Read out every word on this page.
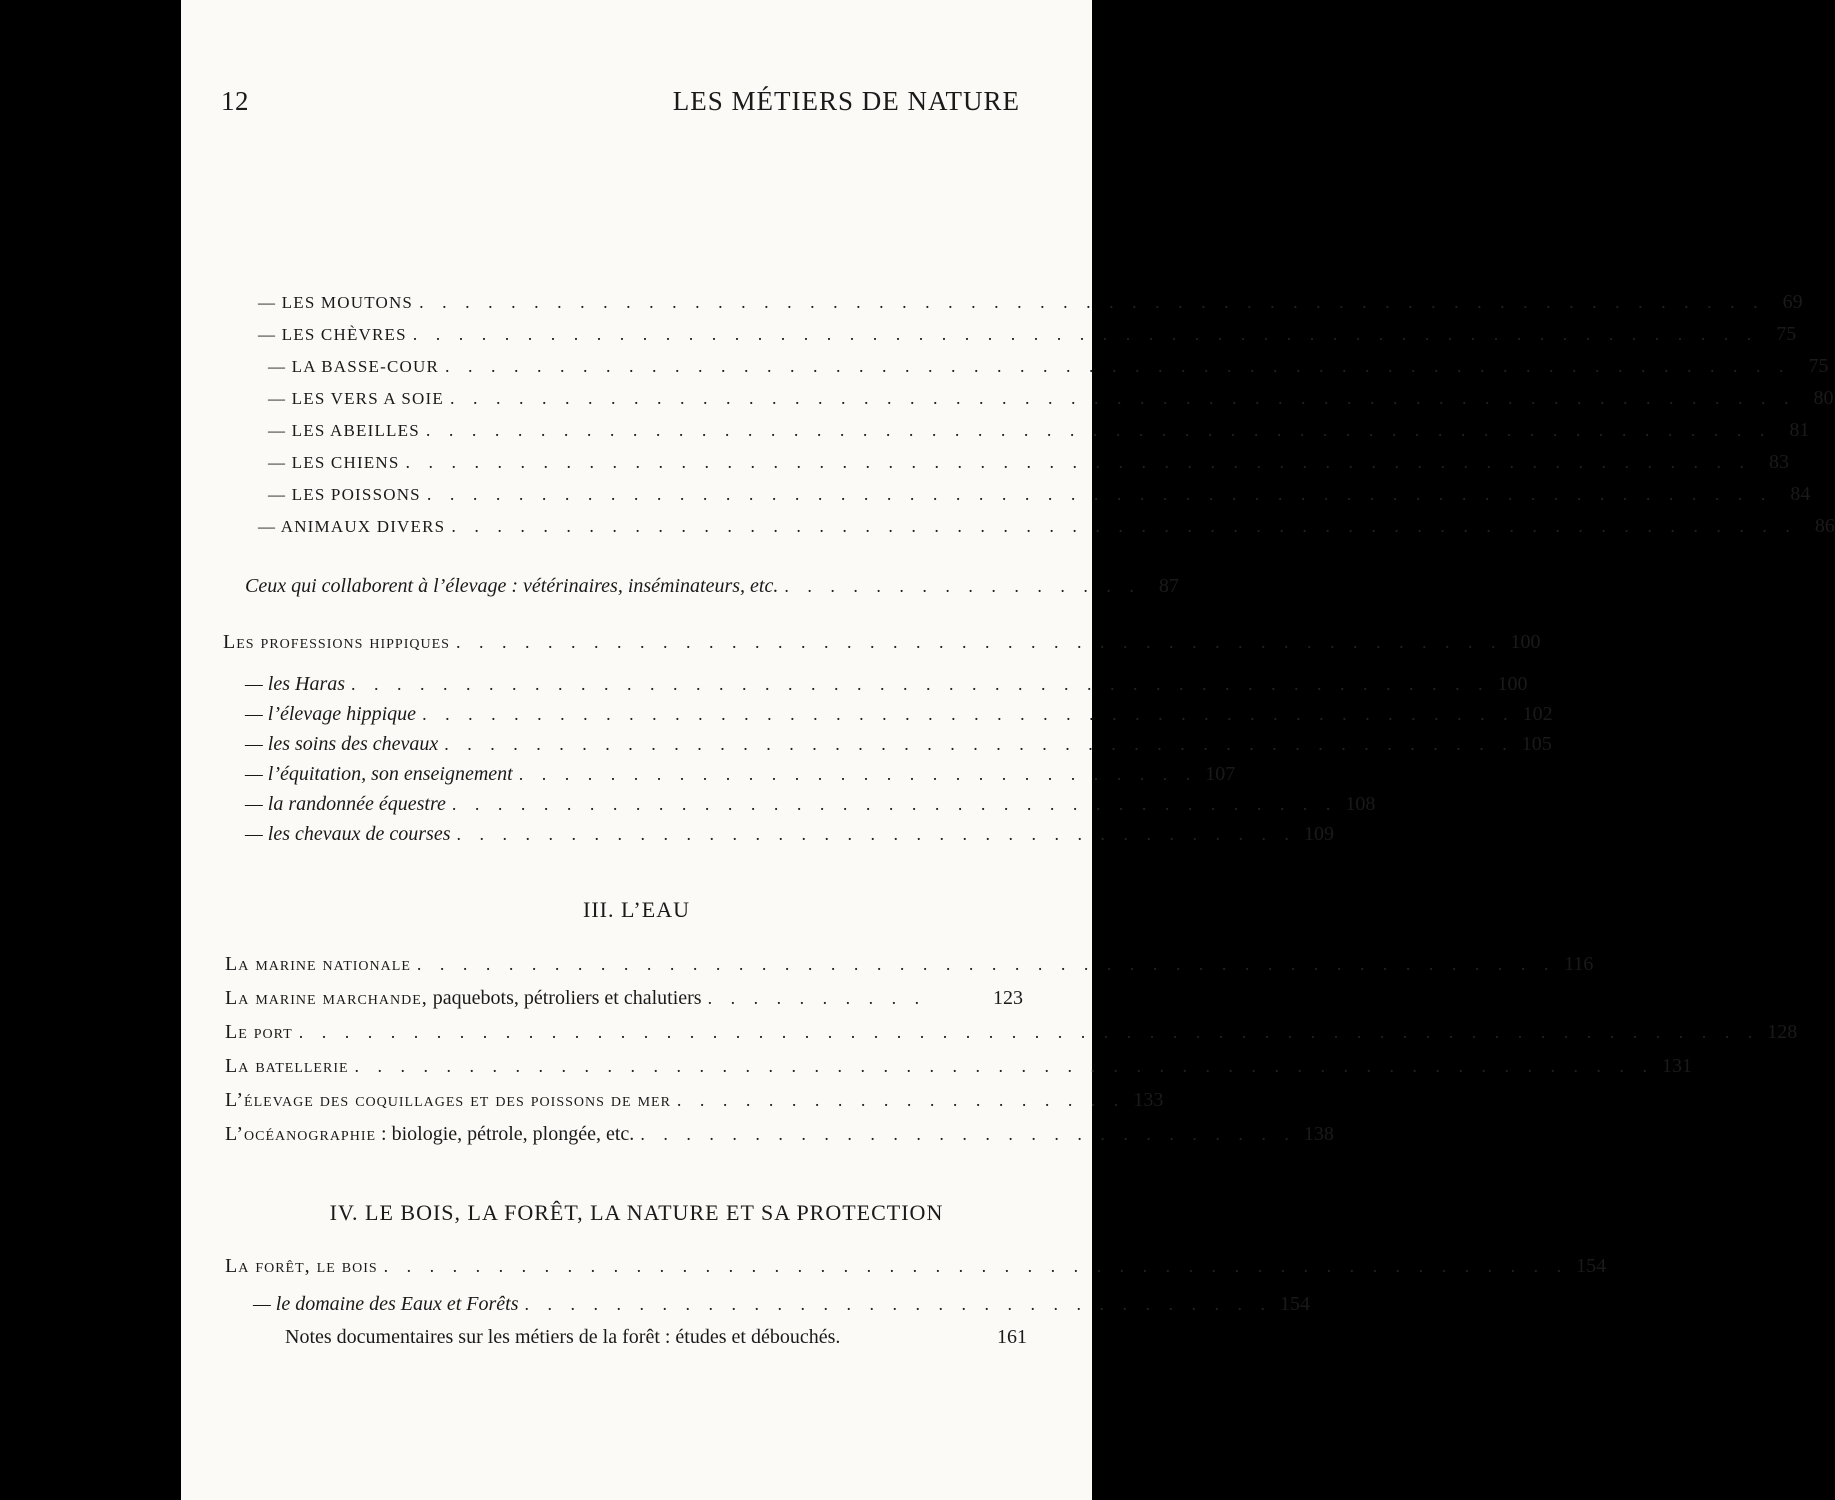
12	LES MÉTIERS DE NATURE
— LES MOUTONS . . . . . . . . . . . . . . . . . . . . . . . . . . . . . . . . . . . . . . . . . . . . . . . . . . . . . . . . . . . 69
— LES CHÈVRES . . . . . . . . . . . . . . . . . . . . . . . . . . . . . . . . . . . . . . . . . . . . . . . . . . . . . . . . . . . 75
— LA BASSE-COUR . . . . . . . . . . . . . . . . . . . . . . . . . . . . . . . . . . . . . . . . . . . . . . . . . . . . . . . . . . . 75
— LES VERS A SOIE . . . . . . . . . . . . . . . . . . . . . . . . . . . . . . . . . . . . . . . . . . . . . . . . . . . . . . . . . . . 80
— LES ABEILLES . . . . . . . . . . . . . . . . . . . . . . . . . . . . . . . . . . . . . . . . . . . . . . . . . . . . . . . . . . . 81
— LES CHIENS . . . . . . . . . . . . . . . . . . . . . . . . . . . . . . . . . . . . . . . . . . . . . . . . . . . . . . . . . . . 83
— LES POISSONS . . . . . . . . . . . . . . . . . . . . . . . . . . . . . . . . . . . . . . . . . . . . . . . . . . . . . . . . . . . 84
— ANIMAUX DIVERS . . . . . . . . . . . . . . . . . . . . . . . . . . . . . . . . . . . . . . . . . . . . . . . . . . . . . . . . . . . 86
Ceux qui collaborent à l’élevage : vétérinaires, inséminateurs, etc. . . . . . . . . . . . . . . . . 87
Les professions hippiques . . . . . . . . . . . . . . . . . . . . . . . . . . . . . . . . . . . . . . . . . . . . . . 100
— les Haras . . . . . . . . . . . . . . . . . . . . . . . . . . . . . . . . . . . . . . . . . . . . . . . . . . 100
— l’élevage hippique . . . . . . . . . . . . . . . . . . . . . . . . . . . . . . . . . . . . . . . . . . . . . . . . 102
— les soins des chevaux . . . . . . . . . . . . . . . . . . . . . . . . . . . . . . . . . . . . . . . . . . . . . . . 105
— l’équitation, son enseignement . . . . . . . . . . . . . . . . . . . . . . . . . . . . . . 107
— la randonnée équestre . . . . . . . . . . . . . . . . . . . . . . . . . . . . . . . . . . . . . . . 108
— les chevaux de courses . . . . . . . . . . . . . . . . . . . . . . . . . . . . . . . . . . . . . 109
III. L’EAU
La marine nationale . . . . . . . . . . . . . . . . . . . . . . . . . . . . . . . . . . . . . . . . . . . . . . . . . . 116
La marine marchande, paquebots, pétroliers et chalutiers . . . . . . . . . .	123
Le port . . . . . . . . . . . . . . . . . . . . . . . . . . . . . . . . . . . . . . . . . . . . . . . . . . . . . . . . . . . . . . . . 128
La batellerie . . . . . . . . . . . . . . . . . . . . . . . . . . . . . . . . . . . . . . . . . . . . . . . . . . . . . . . . . 131
L’élevage des coquillages et des poissons de mer . . . . . . . . . . . . . . . . . . . . 133
L’océanographie : biologie, pétrole, plongée, etc. . . . . . . . . . . . . . . . . . . . . . . . . . . . . . 138
IV. LE BOIS, LA FORÊT, LA NATURE ET SA PROTECTION
La forêt, le bois . . . . . . . . . . . . . . . . . . . . . . . . . . . . . . . . . . . . . . . . . . . . . . . . . . . . 154
— le domaine des Eaux et Forêts . . . . . . . . . . . . . . . . . . . . . . . . . . . . . . . . . 154
Notes documentaires sur les métiers de la forêt : études et débouchés.	161
